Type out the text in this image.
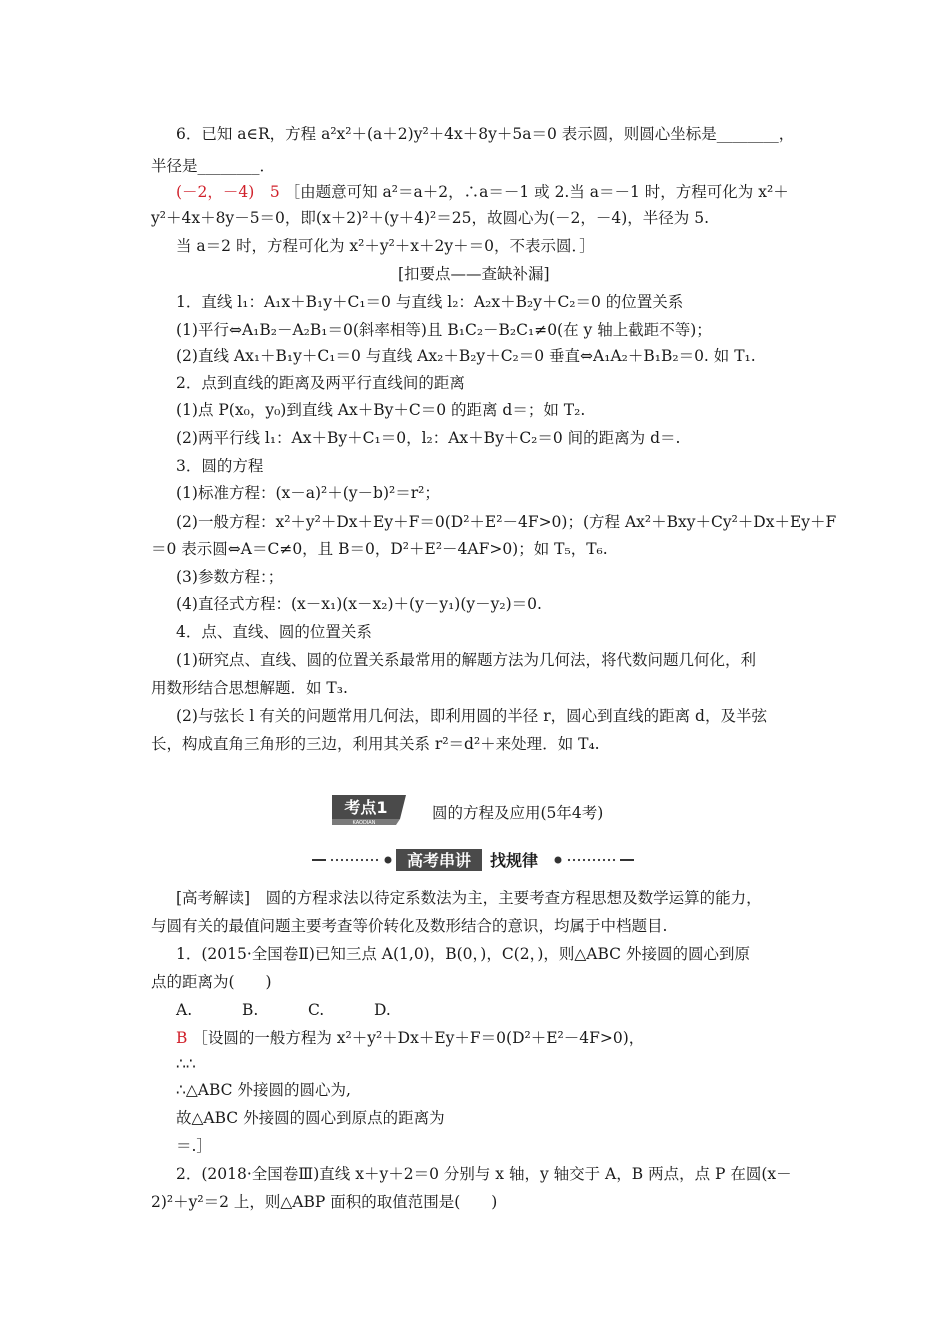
6．已知 a∈R，方程 a²x²＋(a＋2)y²＋4x＋8y＋5a＝0 表示圆，则圆心坐标是________，
半径是________．
(－2，－4)　5 ［由题意可知 a²＝a＋2，∴a＝－1 或 2.当 a＝－1 时，方程可化为 x²＋
y²＋4x＋8y－5＝0，即(x＋2)²＋(y＋4)²＝25，故圆心为(－2，－4)，半径为 5.
当 a＝2 时，方程可化为 x²＋y²＋x＋2y＋＝0，不表示圆．］
[扣要点——查缺补漏]
1．直线 l₁：A₁x＋B₁y＋C₁＝0 与直线 l₂：A₂x＋B₂y＋C₂＝0 的位置关系
(1)平行⇔A₁B₂－A₂B₁＝0(斜率相等)且 B₁C₂－B₂C₁≠0(在 y 轴上截距不等)；
(2)直线 Ax₁＋B₁y＋C₁＝0 与直线 Ax₂＋B₂y＋C₂＝0 垂直⇔A₁A₂＋B₁B₂＝0. 如 T₁.
2．点到直线的距离及两平行直线间的距离
(1)点 P(x₀，y₀)到直线 Ax＋By＋C＝0 的距离 d＝；如 T₂.
(2)两平行线 l₁：Ax＋By＋C₁＝0，l₂：Ax＋By＋C₂＝0 间的距离为 d＝.
3．圆的方程
(1)标准方程：(x－a)²＋(y－b)²＝r²；
(2)一般方程：x²＋y²＋Dx＋Ey＋F＝0(D²＋E²－4F>0)；(方程 Ax²＋Bxy＋Cy²＋Dx＋Ey＋F
＝0 表示圆⇔A＝C≠0，且 B＝0，D²＋E²－4AF>0)；如 T₅，T₆.
(3)参数方程：；
(4)直径式方程：(x－x₁)(x－x₂)＋(y－y₁)(y－y₂)＝0.
4．点、直线、圆的位置关系
(1)研究点、直线、圆的位置关系最常用的解题方法为几何法，将代数问题几何化，利
用数形结合思想解题．如 T₃.
(2)与弦长 l 有关的问题常用几何法，即利用圆的半径 r，圆心到直线的距离 d，及半弦
长，构成直角三角形的三边，利用其关系 r²＝d²＋来处理．如 T₄.
考点1
KAODIAN
圆的方程及应用(5年4考)
高考串讲 找规律
[高考解读]　圆的方程求法以待定系数法为主，主要考查方程思想及数学运算的能力，
与圆有关的最值问题主要考查等价转化及数形结合的意识，均属于中档题目.
1．(2015·全国卷Ⅱ)已知三点 A(1,0)，B(0，)，C(2，)，则△ABC 外接圆的圆心到原
点的距离为(　　)
A.	B.	C.	D.
B ［设圆的一般方程为 x²＋y²＋Dx＋Ey＋F＝0(D²＋E²－4F>0)，
∴∴
∴△ABC 外接圆的圆心为,
故△ABC 外接圆的圆心到原点的距离为
＝.］
2．(2018·全国卷Ⅲ)直线 x＋y＋2＝0 分别与 x 轴，y 轴交于 A，B 两点，点 P 在圆(x－
2)²＋y²＝2 上，则△ABP 面积的取值范围是(　　)
